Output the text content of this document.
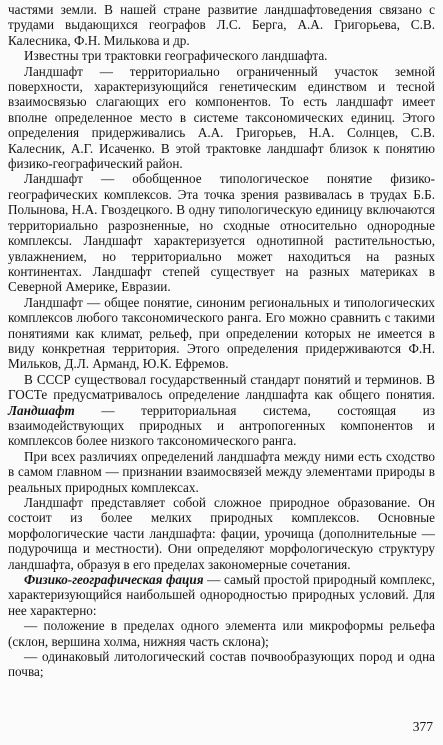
частями земли. В нашей стране развитие ландшафтоведения связано с трудами выдающихся географов Л.С. Берга, А.А. Григорьева, С.В. Калесника, Ф.Н. Милькова и др.

Известны три трактовки географического ландшафта.

Ландшафт — территориально ограниченный участок земной поверхности, характеризующийся генетическим единством и тесной взаимосвязью слагающих его компонентов. То есть ландшафт имеет вполне определенное место в системе таксономических единиц. Этого определения придерживались А.А. Григорьев, Н.А. Солнцев, С.В. Калесник, А.Г. Исаченко. В этой трактовке ландшафт близок к понятию физико-географический район.

Ландшафт — обобщенное типологическое понятие физико-географических комплексов. Эта точка зрения развивалась в трудах Б.Б. Полынова, Н.А. Гвоздецкого. В одну типологическую единицу включаются территориально разрозненные, но сходные относительно однородные комплексы. Ландшафт характеризуется однотипной растительностью, увлажнением, но территориально может находиться на разных континентах. Ландшафт степей существует на разных материках в Северной Америке, Евразии.

Ландшафт — общее понятие, синоним региональных и типологических комплексов любого таксономического ранга. Его можно сравнить с такими понятиями как климат, рельеф, при определении которых не имеется в виду конкретная территория. Этого определения придерживаются Ф.Н. Мильков, Д.Л. Арманд, Ю.К. Ефремов.

В СССР существовал государственный стандарт понятий и терминов. В ГОСТе предусматривалось определение ландшафта как общего понятия. Ландшафт — территориальная система, состоящая из взаимодействующих природных и антропогенных компонентов и комплексов более низкого таксономического ранга.

При всех различиях определений ландшафта между ними есть сходство в самом главном — признании взаимосвязей между элементами природы в реальных природных комплексах.

Ландшафт представляет собой сложное природное образование. Он состоит из более мелких природных комплексов. Основные морфологические части ландшафта: фации, урочища (дополнительные — подурочища и местности). Они определяют морфологическую структуру ландшафта, образуя в его пределах закономерные сочетания.

Физико-географическая фация — самый простой природный комплекс, характеризующийся наибольшей однородностью природных условий. Для нее характерно:

— положение в пределах одного элемента или микроформы рельефа (склон, вершина холма, нижняя часть склона);

— одинаковый литологический состав почвообразующих пород и одна почва;

377
